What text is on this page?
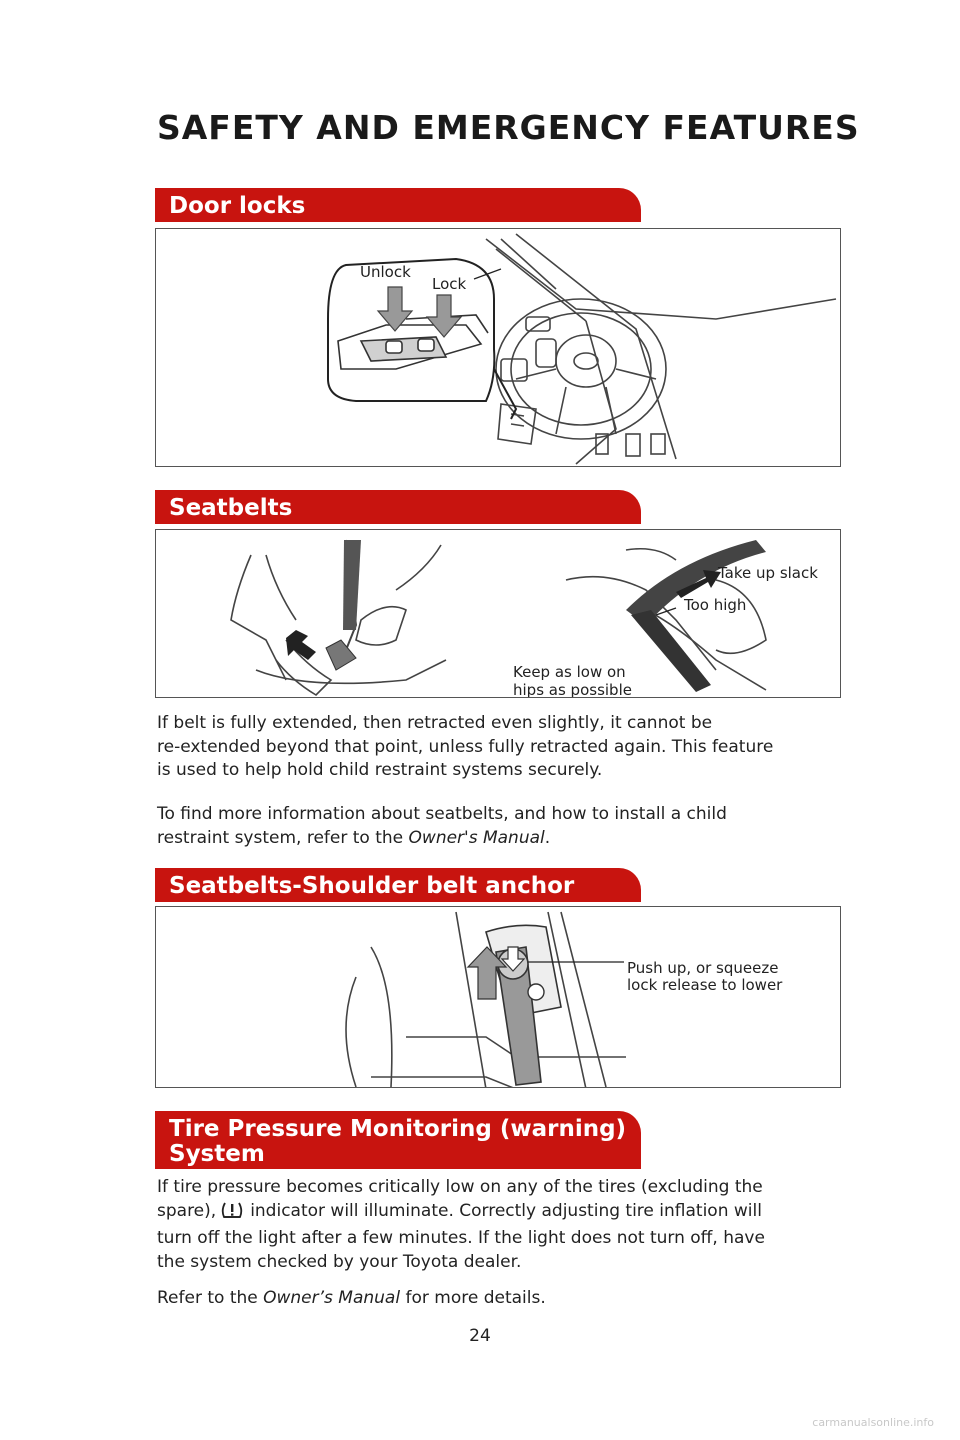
SAFETY AND EMERGENCY FEATURES
Door locks
Unlock
Lock
Seatbelts
Take up slack
Too high
Keep as low on
hips as possible

If belt is fully extended, then retracted even slightly, it cannot be
re-extended beyond that point, unless fully retracted again. This feature
is used to help hold child restraint systems securely.

To find more information about seatbelts, and how to install a child
restraint system, refer to the Owner's Manual.

Seatbelts-Shoulder belt anchor
Push up, or squeeze
lock release to lower
Tire Pressure Monitoring (warning)
System

If tire pressure becomes critically low on any of the tires (excluding the
spare), indicator will illuminate. Correctly adjusting tire inflation will
turn off the light after a few minutes. If the light does not turn off, have
the system checked by your Toyota dealer.

Refer to the Owner’s Manual for more details.

24
carmanualsonline.info
